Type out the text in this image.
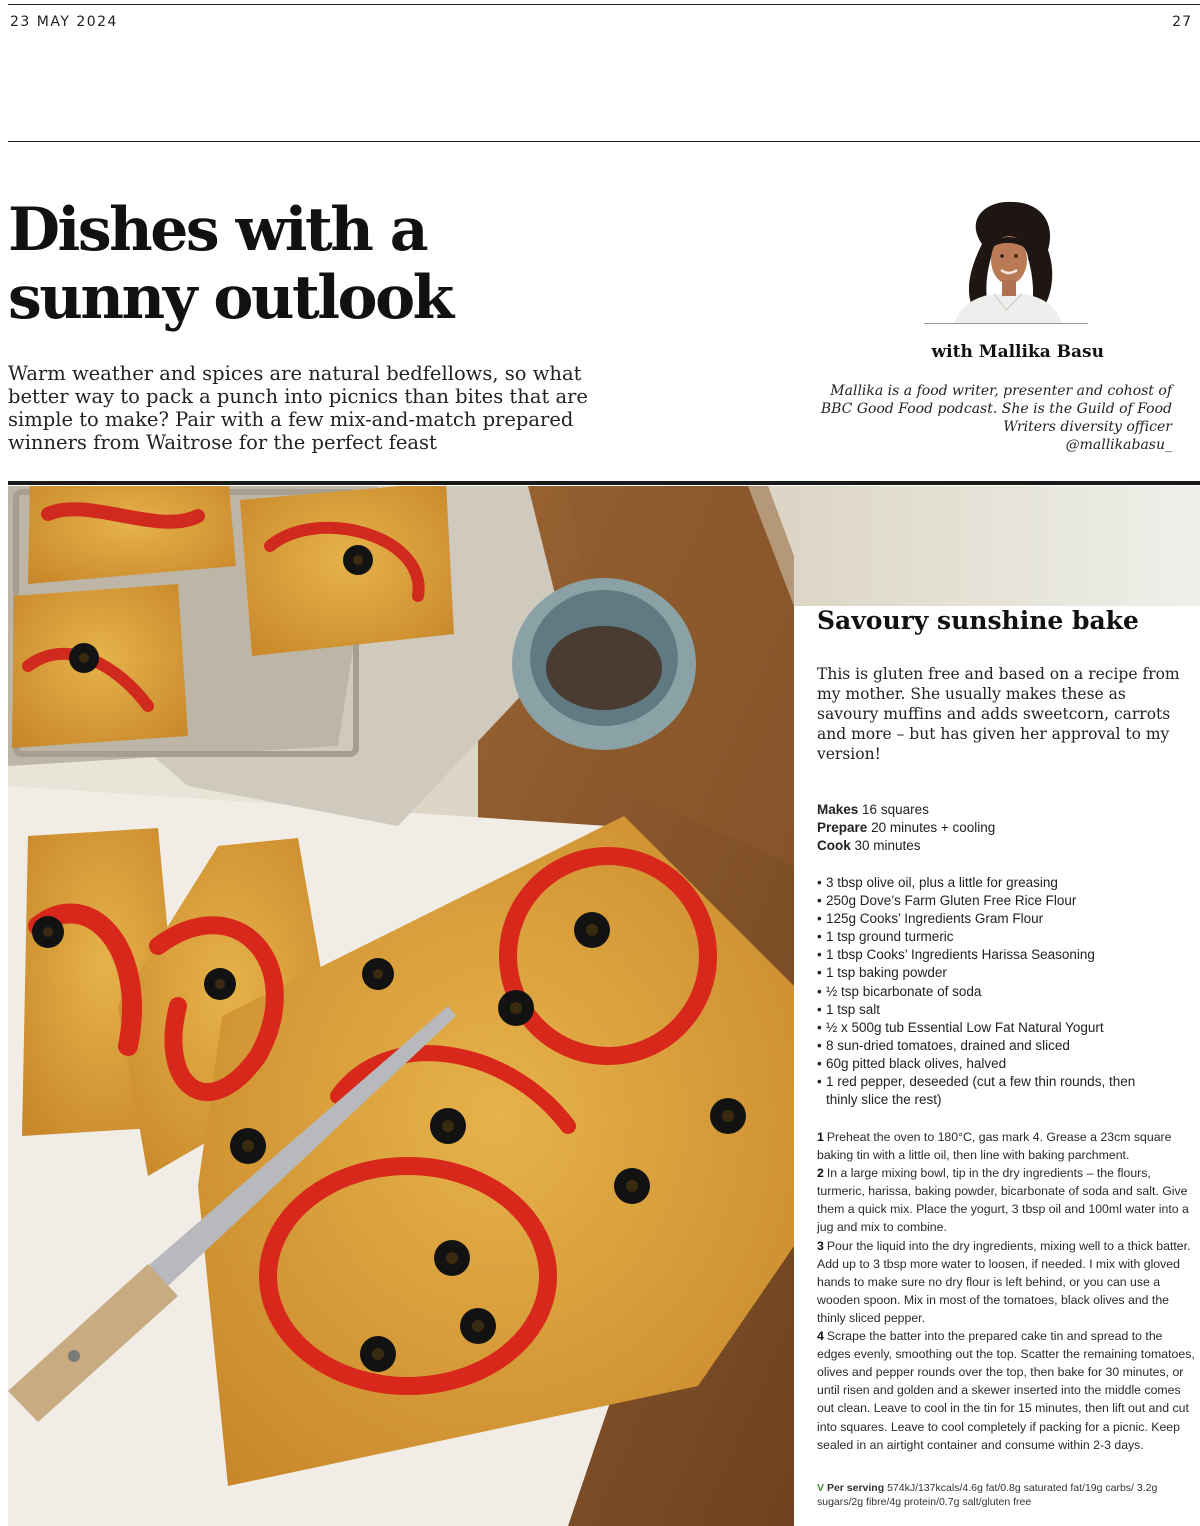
23 MAY 2024	27
Dishes with a sunny outlook

Warm weather and spices are natural bedfellows, so what better way to pack a punch into picnics than bites that are simple to make? Pair with a few mix-and-match prepared winners from Waitrose for the perfect feast

with Mallika Basu
Mallika is a food writer, presenter and cohost of BBC Good Food podcast. She is the Guild of Food Writers diversity officer
@mallikabasu_
Savoury sunshine bake

This is gluten free and based on a recipe from my mother. She usually makes these as savoury muffins and adds sweetcorn, carrots and more – but has given her approval to my version!

Makes 16 squares
Prepare 20 minutes + cooling
Cook 30 minutes
• 3 tbsp olive oil, plus a little for greasing
• 250g Dove’s Farm Gluten Free Rice Flour
• 125g Cooks’ Ingredients Gram Flour
• 1 tsp ground turmeric
• 1 tbsp Cooks’ Ingredients Harissa Seasoning
• 1 tsp baking powder
• ½ tsp bicarbonate of soda
• 1 tsp salt
• ½ x 500g tub Essential Low Fat Natural Yogurt
• 8 sun-dried tomatoes, drained and sliced
• 60g pitted black olives, halved
• 1 red pepper, deseeded (cut a few thin rounds, then thinly slice the rest)

1 Preheat the oven to 180°C, gas mark 4. Grease a 23cm square baking tin with a little oil, then line with baking parchment.

2 In a large mixing bowl, tip in the dry ingredients – the flours, turmeric, harissa, baking powder, bicarbonate of soda and salt. Give them a quick mix. Place the yogurt, 3 tbsp oil and 100ml water into a jug and mix to combine.

3 Pour the liquid into the dry ingredients, mixing well to a thick batter. Add up to 3 tbsp more water to loosen, if needed. I mix with gloved hands to make sure no dry flour is left behind, or you can use a wooden spoon. Mix in most of the tomatoes, black olives and the thinly sliced pepper.

4 Scrape the batter into the prepared cake tin and spread to the edges evenly, smoothing out the top. Scatter the remaining tomatoes, olives and pepper rounds over the top, then bake for 30 minutes, or until risen and golden and a skewer inserted into the middle comes out clean. Leave to cool in the tin for 15 minutes, then lift out and cut into squares. Leave to cool completely if packing for a picnic. Keep sealed in an airtight container and consume within 2-3 days.

V Per serving 574kJ/137kcals/4.6g fat/0.8g saturated fat/19g carbs/ 3.2g sugars/2g fibre/4g protein/0.7g salt/gluten free
